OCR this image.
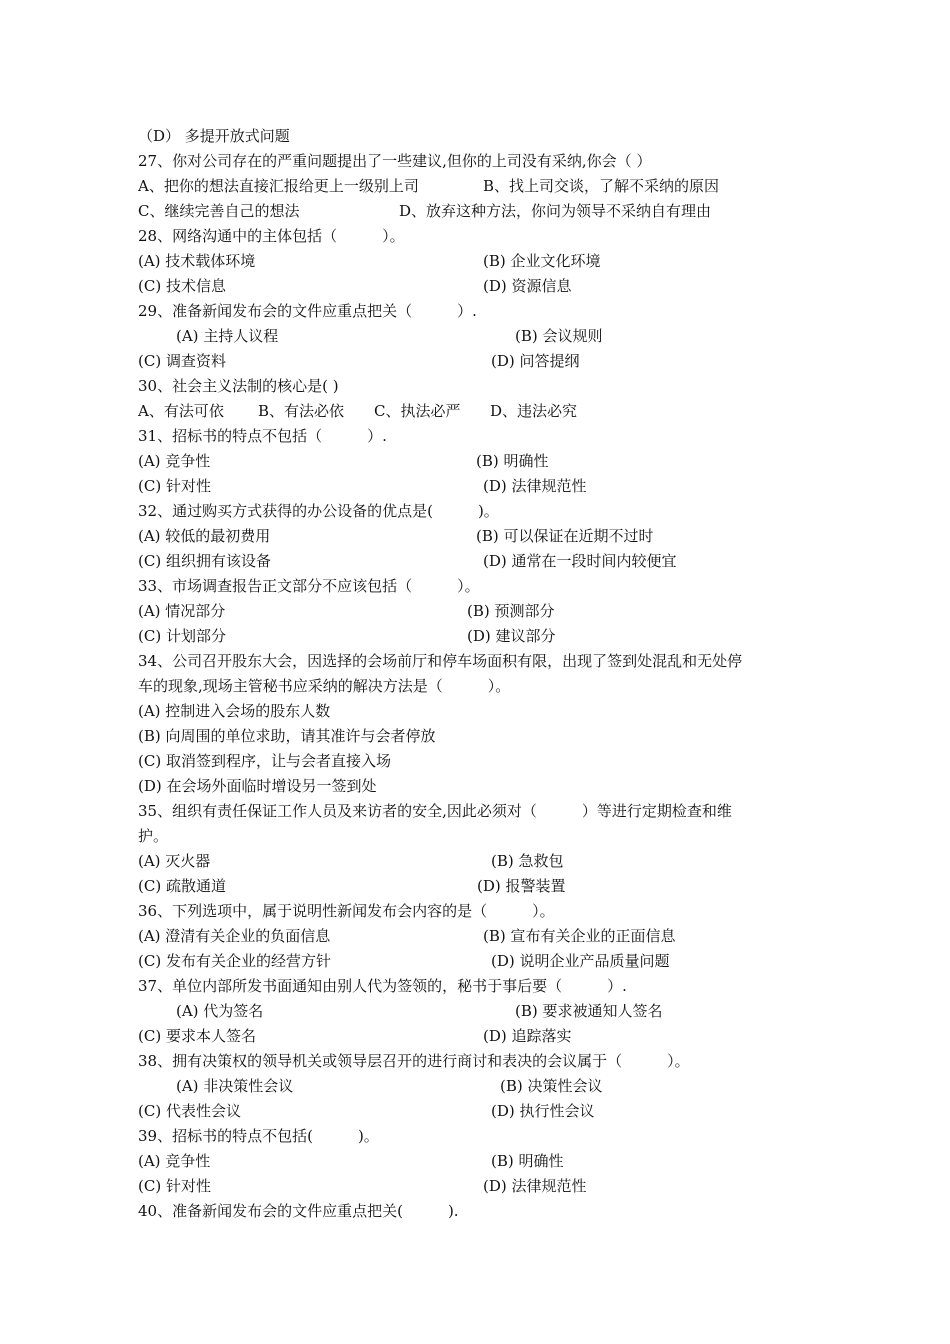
（D） 多提开放式问题
27、你对公司存在的严重问题提出了一些建议,但你的上司没有采纳,你会（ ）
A、把你的想法直接汇报给更上一级别上司	B、找上司交谈，了解不采纳的原因
C、继续完善自己的想法	D、放弃这种方法，你问为领导不采纳自有理由
28、网络沟通中的主体包括（　　　）。
(A) 技术载体环境	(B) 企业文化环境
(C) 技术信息	(D) 资源信息
29、准备新闻发布会的文件应重点把关（　　　）.
(A) 主持人议程	(B) 会议规则
(C) 调查资料	(D) 问答提纲
30、社会主义法制的核心是( )
A、有法可依 B、有法必依 C、执法必严 D、违法必究
31、招标书的特点不包括（　　　）.
(A) 竞争性	(B) 明确性
(C) 针对性	(D) 法律规范性
32、通过购买方式获得的办公设备的优点是(　　　)。
(A) 较低的最初费用	(B) 可以保证在近期不过时
(C) 组织拥有该设备	(D) 通常在一段时间内较便宜
33、市场调查报告正文部分不应该包括（　　　）。
(A) 情况部分	(B) 预测部分
(C) 计划部分	(D) 建议部分
34、公司召开股东大会，因选择的会场前厅和停车场面积有限，出现了签到处混乱和无处停
车的现象,现场主管秘书应采纳的解决方法是（　　　）。
(A) 控制进入会场的股东人数
(B) 向周围的单位求助，请其准许与会者停放
(C) 取消签到程序，让与会者直接入场
(D) 在会场外面临时增设另一签到处
35、组织有责任保证工作人员及来访者的安全,因此必须对（　　　）等进行定期检查和维
护。
(A) 灭火器	(B) 急救包
(C) 疏散通道	(D) 报警装置
36、下列选项中，属于说明性新闻发布会内容的是（　　　）。
(A) 澄清有关企业的负面信息	(B) 宣布有关企业的正面信息
(C) 发布有关企业的经营方针	(D) 说明企业产品质量问题
37、单位内部所发书面通知由别人代为签领的，秘书于事后要（　　　）.
(A) 代为签名	(B) 要求被通知人签名
(C) 要求本人签名	(D) 追踪落实
38、拥有决策权的领导机关或领导层召开的进行商讨和表决的会议属于（　　　）。
(A) 非决策性会议	(B) 决策性会议
(C) 代表性会议	(D) 执行性会议
39、招标书的特点不包括(　　　)。
(A) 竞争性	(B) 明确性
(C) 针对性	(D) 法律规范性
40、准备新闻发布会的文件应重点把关(　　　).
